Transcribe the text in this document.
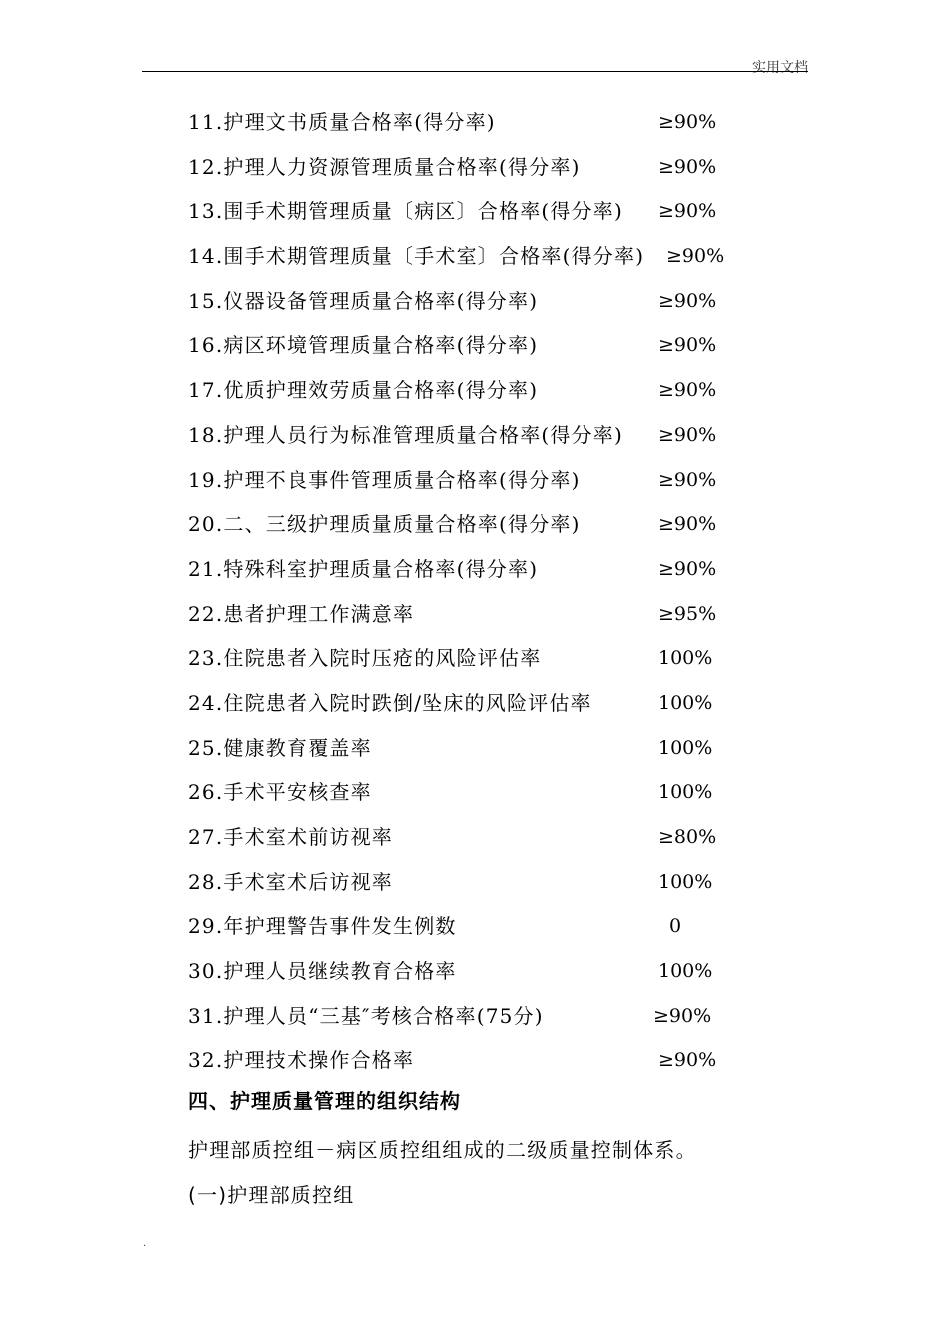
实用文档
11.护理文书质量合格率(得分率)	≥90%
12.护理人力资源管理质量合格率(得分率)	≥90%
13.围手术期管理质量〔病区〕合格率(得分率) ≥90%
14.围手术期管理质量〔手术室〕合格率(得分率) ≥90%
15.仪器设备管理质量合格率(得分率)	≥90%
16.病区环境管理质量合格率(得分率)	≥90%
17.优质护理效劳质量合格率(得分率)	≥90%
18.护理人员行为标准管理质量合格率(得分率) ≥90%
19.护理不良事件管理质量合格率(得分率)	≥90%
20.二、三级护理质量质量合格率(得分率)	≥90%
21.特殊科室护理质量合格率(得分率)	≥90%
22.患者护理工作满意率	≥95%
23.住院患者入院时压疮的风险评估率	100%
24.住院患者入院时跌倒/坠床的风险评估率	100%
25.健康教育覆盖率	100%
26.手术平安核查率	100%
27.手术室术前访视率	≥80%
28.手术室术后访视率	100%
29.年护理警告事件发生例数	0
30.护理人员继续教育合格率	100%
31.护理人员“三基″考核合格率(75分)	≥90%
32.护理技术操作合格率	≥90%
四、护理质量管理的组织结构
护理部质控组－病区质控组组成的二级质量控制体系。
(一)护理部质控组
.
